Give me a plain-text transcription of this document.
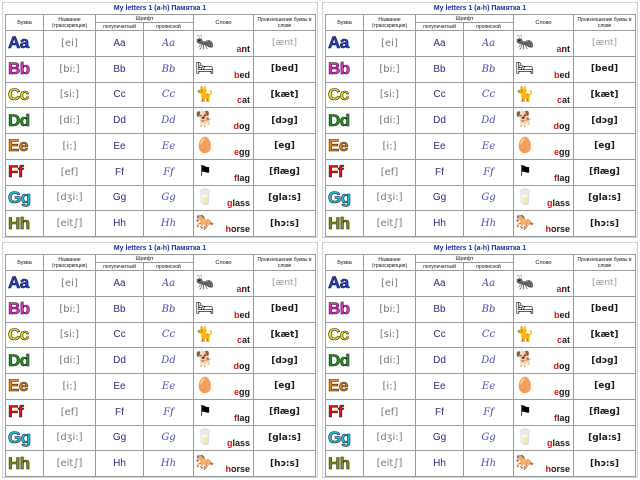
My letters 1 (a-h) Памятка 1
Буква	Название (транскрипция)	Шрифт		Слово	Произношение буквы в слове
		полупечатный	прописной		
Aa	[ei]	Aa	Aa	🐜 ant	[ænt]
Bb	[bi:]	Bb	Bb	🛏 bed	[bed]
Cc	[si:]	Cc	Cc	🐈 cat	[kæt]
Dd	[di:]	Dd	Dd	🐕 dog	[dɔg]
Ee	[i:]	Ee	Ee	🥚 egg	[eg]
Ff	[ef]	Ff	Ff	⚑ flag	[flæg]
Gg	[dʒi:]	Gg	Gg	🥛 glass	[gla:s]
Hh	[eit∫]	Hh	Hh	🐎 horse	[hɔ:s]
My letters 1 (a-h) Памятка 1
Буква	Название (транскрипция)	Шрифт		Слово	Произношение буквы в слове
		полупечатный	прописной		
Aa	[ei]	Aa	Aa	🐜 ant	[ænt]
Bb	[bi:]	Bb	Bb	🛏 bed	[bed]
Cc	[si:]	Cc	Cc	🐈 cat	[kæt]
Dd	[di:]	Dd	Dd	🐕 dog	[dɔg]
Ee	[i:]	Ee	Ee	🥚 egg	[eg]
Ff	[ef]	Ff	Ff	⚑ flag	[flæg]
Gg	[dʒi:]	Gg	Gg	🥛 glass	[gla:s]
Hh	[eit∫]	Hh	Hh	🐎 horse	[hɔ:s]
My letters 1 (a-h) Памятка 1
Буква	Название (транскрипция)	Шрифт		Слово	Произношение буквы в слове
		полупечатный	прописной		
Aa	[ei]	Aa	Aa	🐜 ant	[ænt]
Bb	[bi:]	Bb	Bb	🛏 bed	[bed]
Cc	[si:]	Cc	Cc	🐈 cat	[kæt]
Dd	[di:]	Dd	Dd	🐕 dog	[dɔg]
Ee	[i:]	Ee	Ee	🥚 egg	[eg]
Ff	[ef]	Ff	Ff	⚑ flag	[flæg]
Gg	[dʒi:]	Gg	Gg	🥛 glass	[gla:s]
Hh	[eit∫]	Hh	Hh	🐎 horse	[hɔ:s]
My letters 1 (a-h) Памятка 1
Буква	Название (транскрипция)	Шрифт		Слово	Произношение буквы в слове
		полупечатный	прописной		
Aa	[ei]	Aa	Aa	🐜 ant	[ænt]
Bb	[bi:]	Bb	Bb	🛏 bed	[bed]
Cc	[si:]	Cc	Cc	🐈 cat	[kæt]
Dd	[di:]	Dd	Dd	🐕 dog	[dɔg]
Ee	[i:]	Ee	Ee	🥚 egg	[eg]
Ff	[ef]	Ff	Ff	⚑ flag	[flæg]
Gg	[dʒi:]	Gg	Gg	🥛 glass	[gla:s]
Hh	[eit∫]	Hh	Hh	🐎 horse	[hɔ:s]
